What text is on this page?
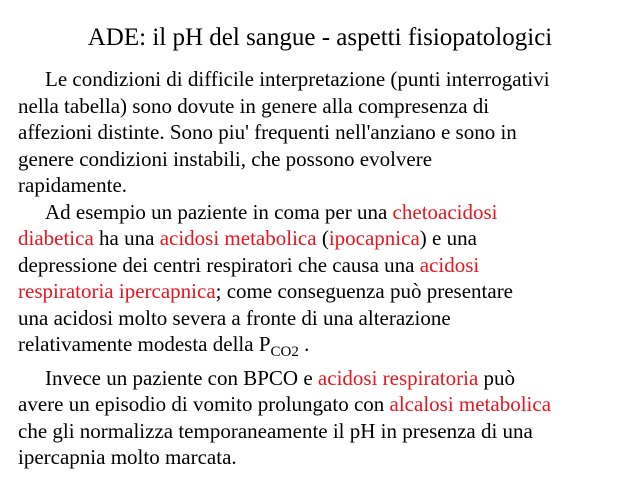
ADE: il pH del sangue - aspetti fisiopatologici
Le condizioni di difficile interpretazione (punti interrogativi
nella tabella) sono dovute in genere alla compresenza di
affezioni distinte. Sono piu' frequenti nell'anziano e sono in
genere condizioni instabili, che possono evolvere
rapidamente.
Ad esempio un paziente in coma per una chetoacidosi
diabetica ha una acidosi metabolica (ipocapnica) e una
depressione dei centri respiratori che causa una acidosi
respiratoria ipercapnica; come conseguenza può presentare
una acidosi molto severa a fronte di una alterazione
relativamente modesta della $P_{CO2}$ .
Invece un paziente con BPCO e acidosi respiratoria può
avere un episodio di vomito prolungato con alcalosi metabolica
che gli normalizza temporaneamente il pH in presenza di una
ipercapnia molto marcata.
